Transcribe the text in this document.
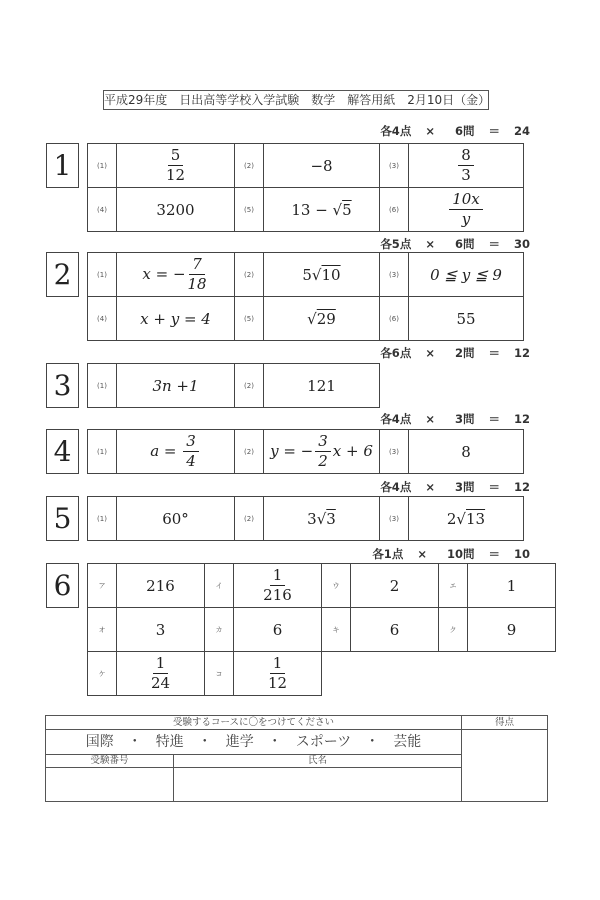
平成29年度　日出高等学校入学試験　数学　解答用紙　2月10日（金）
各4点 × 6問 ＝ 24
1	(1)	$\frac{5}{12}$	(2)	−8	(3)	$\frac{8}{3}$

(4)	3200	(5)	13 − √5	(6)	$\frac{10x}{y}$
各5点 × 6問 ＝ 30
2	(1)	x = − $\frac{7}{18}$	(2)	5√10	(3)	0 ≦ y ≦ 9
(4)	x + y = 4	(5)	√29	(6)	55
各6点 × 2問 ＝ 12
3	(1)	3n +1	(2)	121
各4点 × 3問 ＝ 12
4	(1)	$a = \frac{3}{4}$	(2)	y = − $\frac{3}{2}$ x + 6	(3)	8
各4点 × 3問 ＝ 12
5	(1)	60°	(2)	3√3	(3)	2√13
各1点 × 10問 ＝ 10
6	ア	216	イ	$\frac{1}{216}$	ウ	2	エ	1
オ	3	カ	6	キ	6	ク	9
ケ	$\frac{1}{24}$	コ	$\frac{1}{12}$

受験するコースに〇をつけてください
国際　・　特進　・　進学　・　スポーツ　・　芸能
受験番号	氏名
得点
